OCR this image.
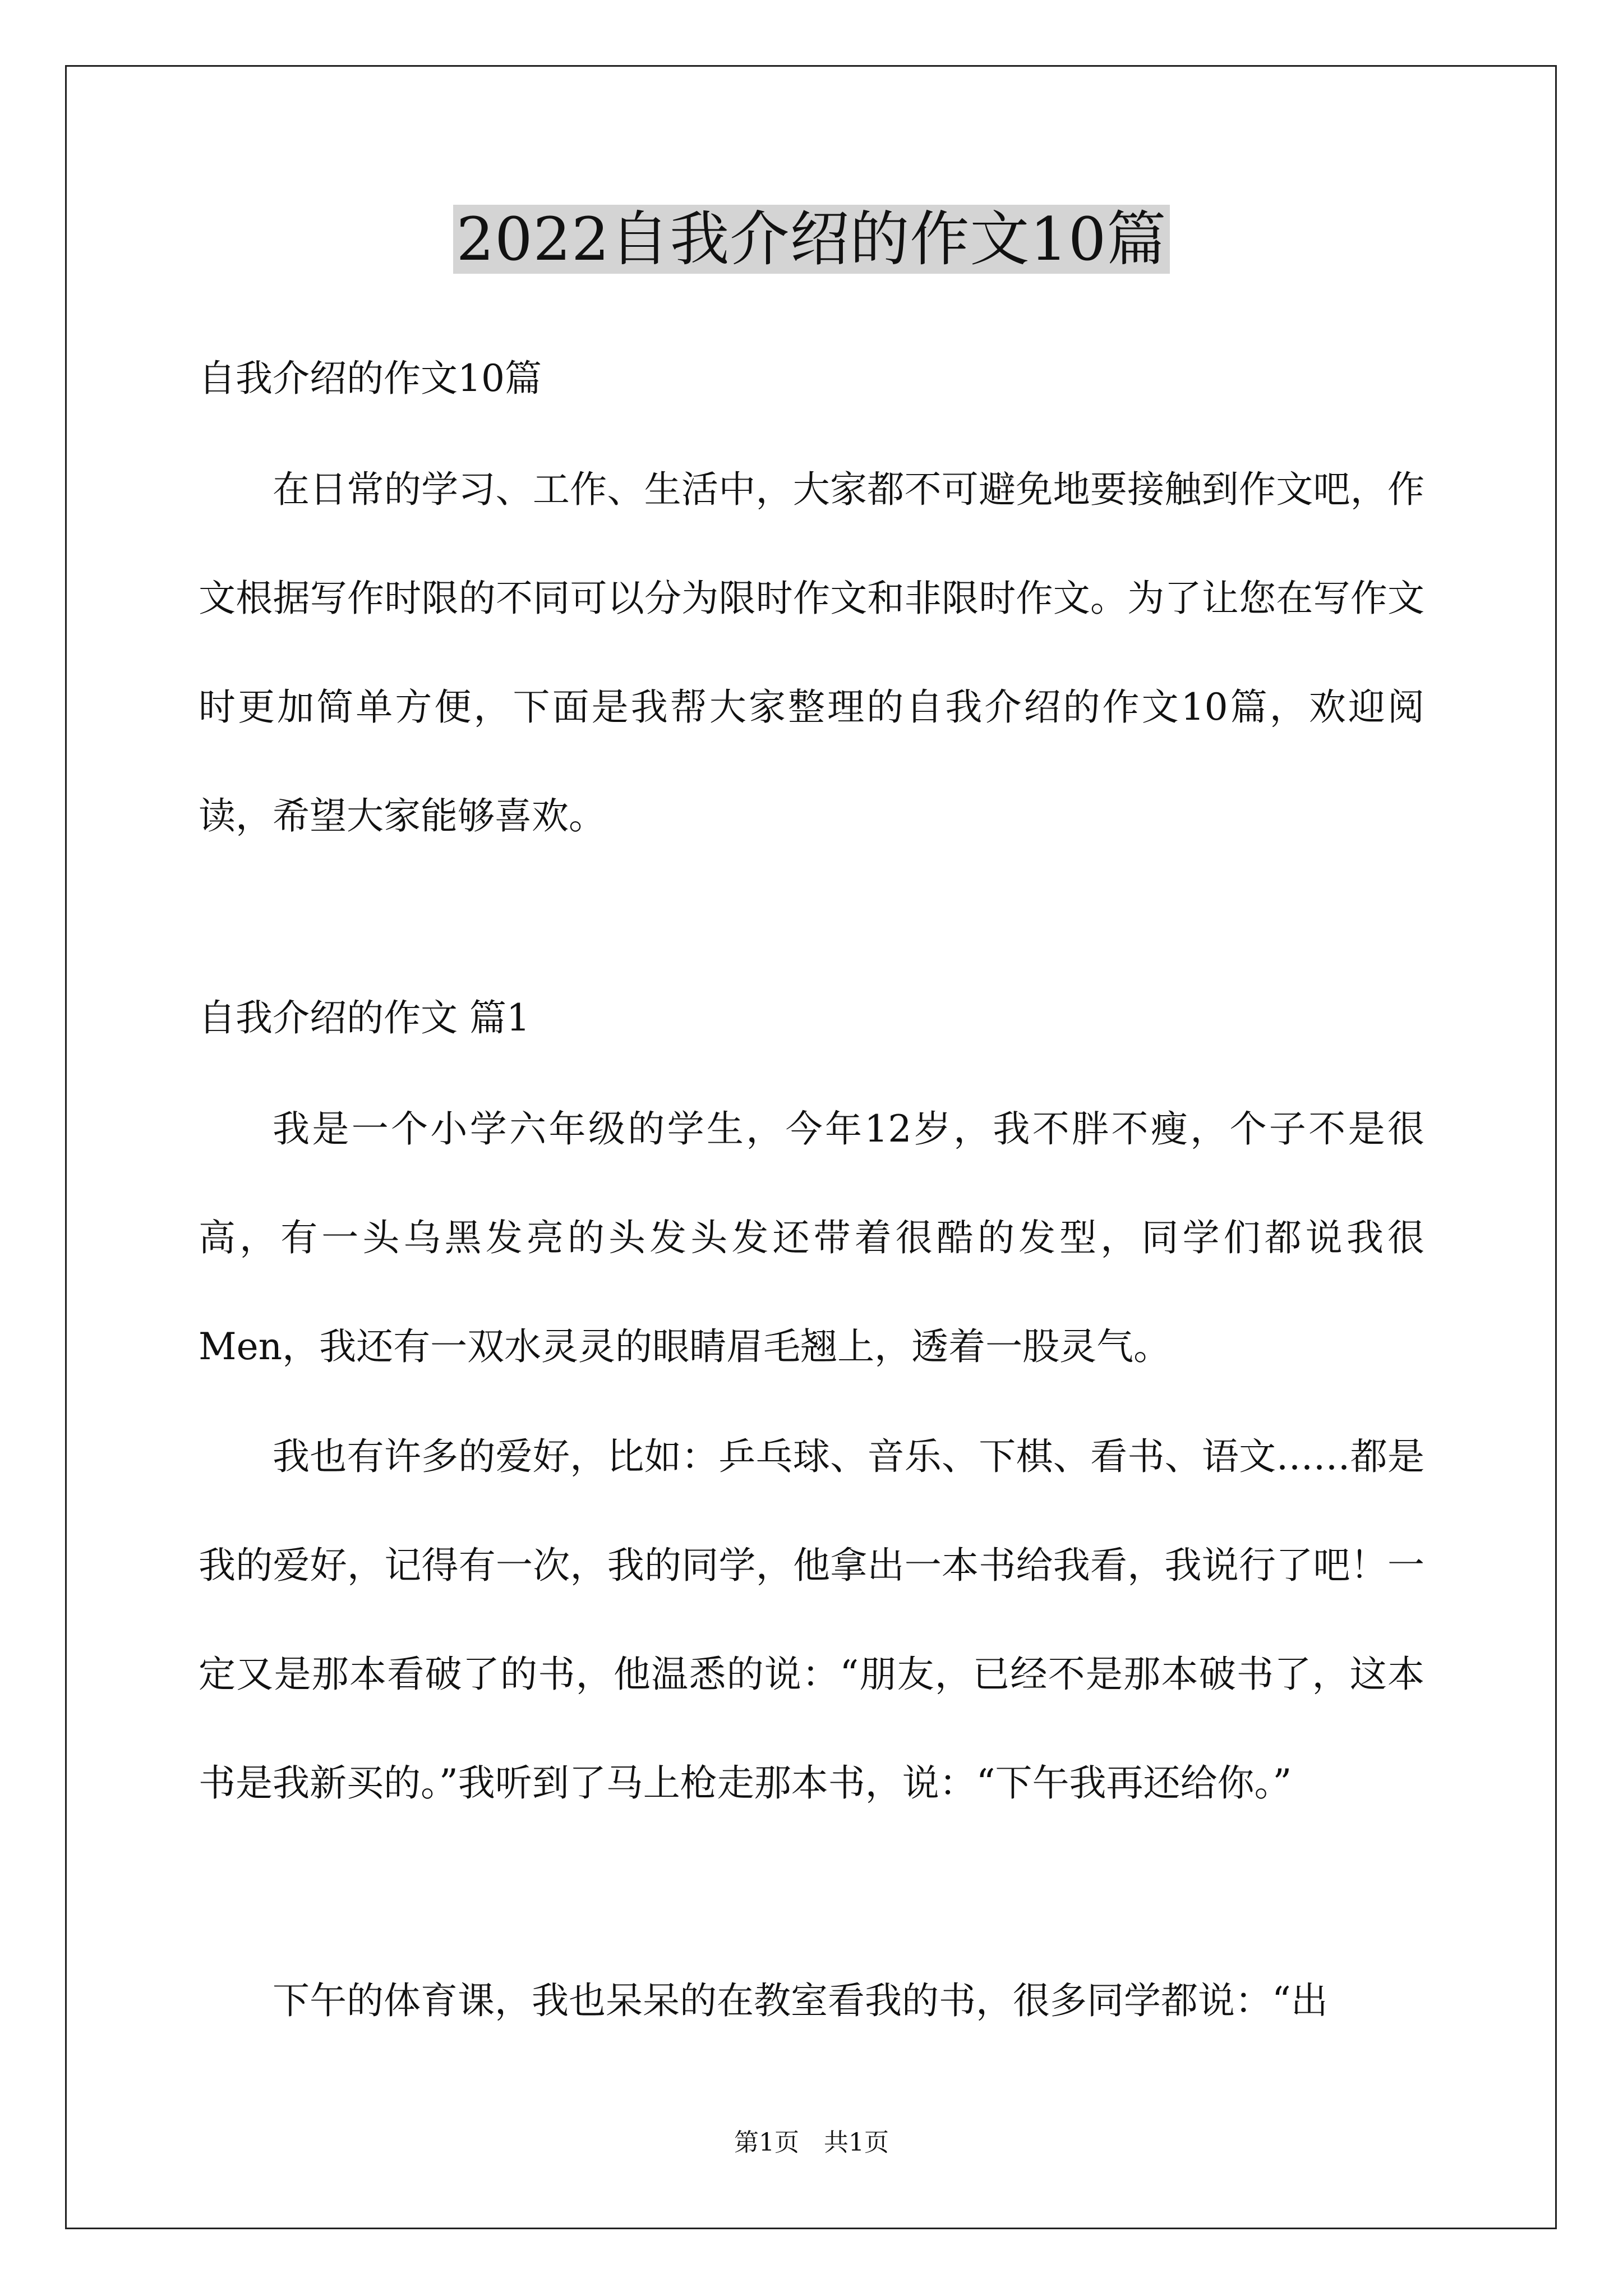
2022自我介绍的作文10篇

自我介绍的作文10篇

在日常的学习、工作、生活中，大家都不可避免地要接触到作文吧，作文根据写作时限的不同可以分为限时作文和非限时作文。为了让您在写作文时更加简单方便，下面是我帮大家整理的自我介绍的作文10篇，欢迎阅读，希望大家能够喜欢。

自我介绍的作文 篇1

我是一个小学六年级的学生，今年12岁，我不胖不瘦，个子不是很高，有一头乌黑发亮的头发头发还带着很酷的发型，同学们都说我很Men，我还有一双水灵灵的眼睛眉毛翘上，透着一股灵气。

我也有许多的爱好，比如：乒乓球、音乐、下棋、看书、语文……都是我的爱好，记得有一次，我的同学，他拿出一本书给我看，我说行了吧！一定又是那本看破了的书，他温悉的说：“朋友，已经不是那本破书了，这本书是我新买的。”我听到了马上枪走那本书，说：“下午我再还给你。”

下午的体育课，我也呆呆的在教室看我的书，很多同学都说：“出

第1页　共1页
